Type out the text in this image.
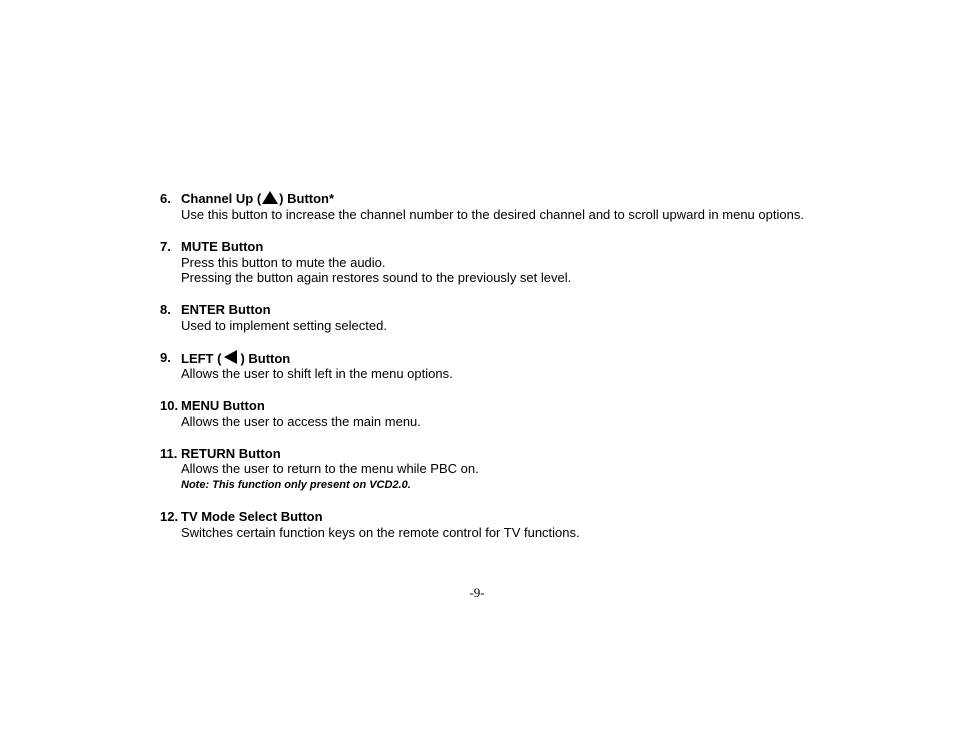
6. Channel Up ( ) Button*
Use this button to increase the channel number to the desired channel and to scroll upward in menu options.
7. MUTE Button
Press this button to mute the audio.
Pressing the button again restores sound to the previously set level.
8. ENTER Button
Used to implement setting selected.
9. LEFT ( ) Button
Allows the user to shift left in the menu options.
10. MENU Button
Allows the user to access the main menu.
11. RETURN Button
Allows the user to return to the menu while PBC on.
Note: This function only present on VCD2.0.
12. TV Mode Select Button
Switches certain function keys on the remote control for TV functions.
-9-
